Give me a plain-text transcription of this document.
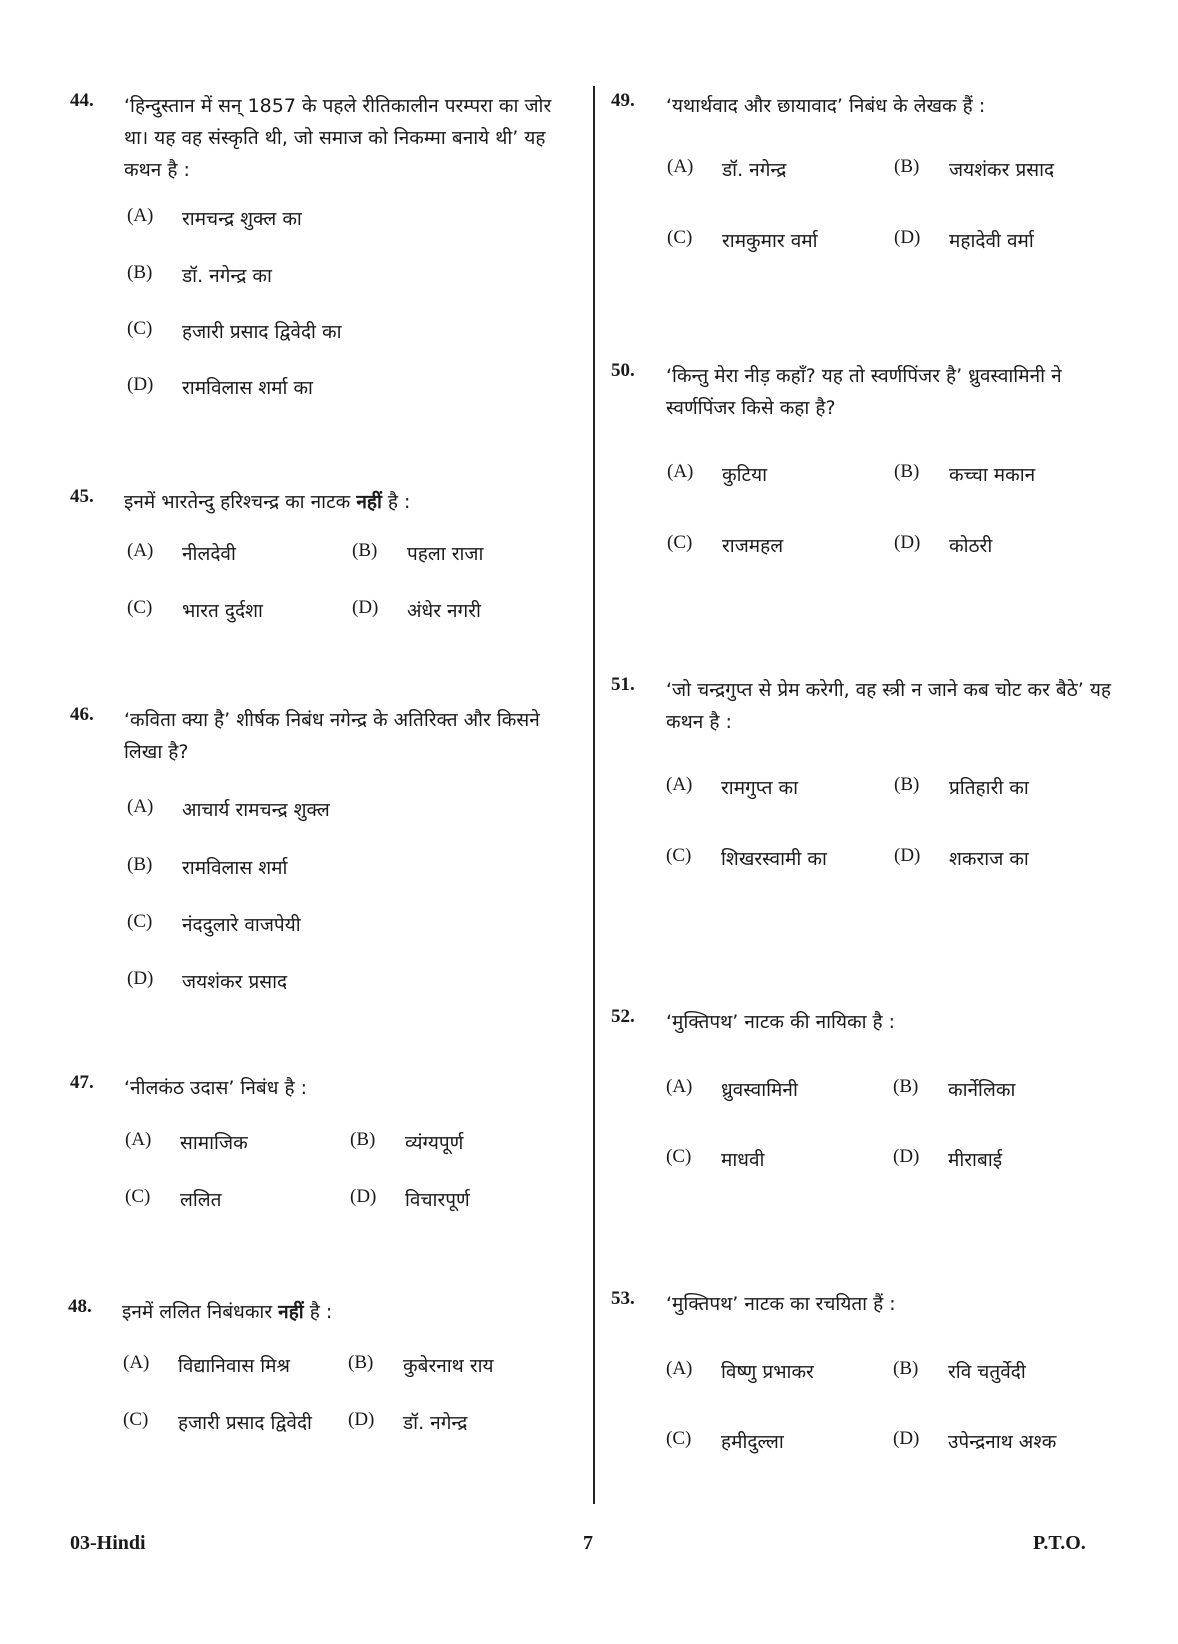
44. ‘हिन्दुस्तान में सन् 1857 के पहले रीतिकालीन परम्परा का जोर था। यह वह संस्कृति थी, जो समाज को निकम्मा बनाये थी’ यह कथन है :
(A) रामचन्द्र शुक्ल का
(B) डॉ. नगेन्द्र का
(C) हजारी प्रसाद द्विवेदी का
(D) रामविलास शर्मा का
45. इनमें भारतेन्दु हरिश्चन्द्र का नाटक नहीं है :
(A) नीलदेवी	(B) पहला राजा
(C) भारत दुर्दशा	(D) अंधेर नगरी
46. ‘कविता क्या है’ शीर्षक निबंध नगेन्द्र के अतिरिक्त और किसने लिखा है?
(A) आचार्य रामचन्द्र शुक्ल
(B) रामविलास शर्मा
(C) नंददुलारे वाजपेयी
(D) जयशंकर प्रसाद
47. ‘नीलकंठ उदास’ निबंध है :
(A) सामाजिक	(B) व्यंग्यपूर्ण
(C) ललित	(D) विचारपूर्ण
48. इनमें ललित निबंधकार नहीं है :
(A) विद्यानिवास मिश्र	(B) कुबेरनाथ राय
(C) हजारी प्रसाद द्विवेदी (D) डॉ. नगेन्द्र
49. ‘यथार्थवाद और छायावाद’ निबंध के लेखक हैं :
(A) डॉ. नगेन्द्र	(B) जयशंकर प्रसाद
(C) रामकुमार वर्मा	(D) महादेवी वर्मा
50. ‘किन्तु मेरा नीड़ कहाँ? यह तो स्वर्णपिंजर है’ ध्रुवस्वामिनी ने स्वर्णपिंजर किसे कहा है?
(A) कुटिया	(B) कच्चा मकान
(C) राजमहल	(D) कोठरी
51. ‘जो चन्द्रगुप्त से प्रेम करेगी, वह स्त्री न जाने कब चोट कर बैठे’ यह कथन है :
(A) रामगुप्त का	(B) प्रतिहारी का
(C) शिखरस्वामी का	(D) शकराज का
52. ‘मुक्तिपथ’ नाटक की नायिका है :
(A) ध्रुवस्वामिनी	(B) कार्नेलिका
(C) माधवी	(D) मीराबाई
53. ‘मुक्तिपथ’ नाटक का रचयिता हैं :
(A) विष्णु प्रभाकर	(B) रवि चतुर्वेदी
(C) हमीदुल्ला	(D) उपेन्द्रनाथ अश्क
03-Hindi	7	P.T.O.
